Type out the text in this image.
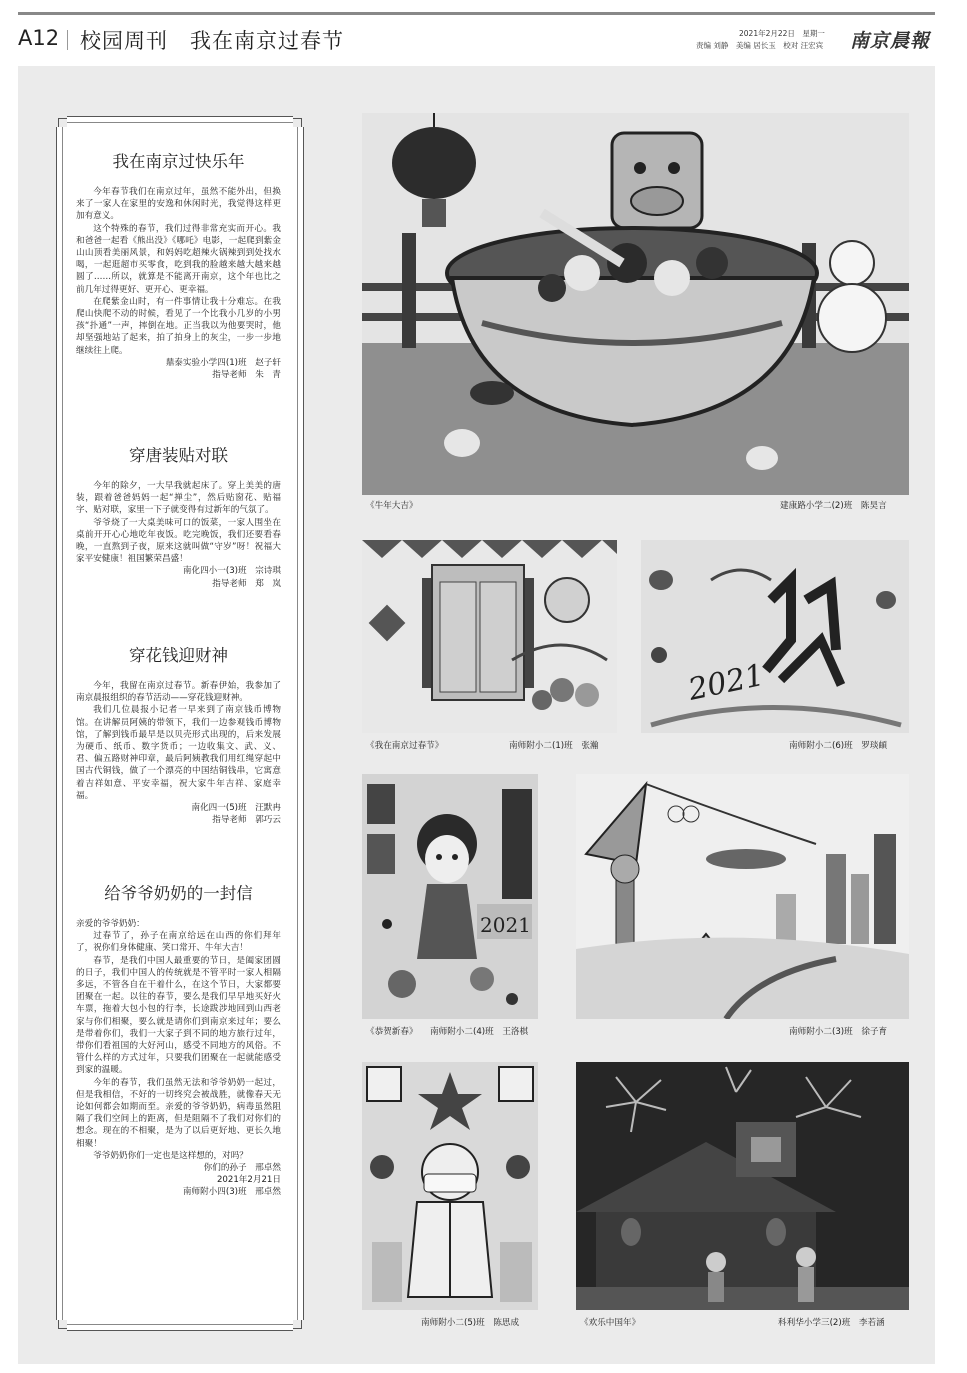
A12 校园周刊　 我在南京过春节	2021年2月22日　星期一
责编 刘静　美编 居长玉　校对 汪宏宾 南京晨報
我在南京过快乐年

今年春节我们在南京过年，虽然不能外出，但换来了一家人在家里的安逸和休闲时光，我觉得这样更加有意义。

这个特殊的春节，我们过得非常充实而开心。我和爸爸一起看《熊出没》《哪吒》电影，一起爬到紫金山山顶看美丽风景，和妈妈吃超辣火锅辣到到处找水喝，一起逛超市买零食，吃到我的脸越来越大越来越圆了……所以，就算是不能离开南京，这个年也比之前几年过得更好、更开心、更幸福。

在爬紫金山时，有一件事情让我十分难忘。在我爬山快爬不动的时候，看见了一个比我小几岁的小男孩“扑通”一声，摔倒在地。正当我以为他要哭时，他却坚强地站了起来，拍了拍身上的灰尘，一步一步地继续往上爬。

鼎泰实验小学四(1)班　赵子轩

指导老师　朱　青

穿唐装贴对联

今年的除夕，一大早我就起床了。穿上美美的唐装，跟着爸爸妈妈一起“掸尘”，然后贴窗花、贴福字、贴对联，家里一下子就变得有过新年的气氛了。

爷爷烧了一大桌美味可口的饭菜，一家人围坐在桌前开开心心地吃年夜饭。吃完晚饭，我们还要看春晚，一直熬到子夜，原来这就叫做“守岁”呀！祝福大家平安健康！祖国繁荣昌盛！

南化四小一(3)班　宗诗琪

指导老师　郑　岚

穿花钱迎财神

今年，我留在南京过春节。新春伊始，我参加了南京晨报组织的春节活动——穿花钱迎财神。

我们几位晨报小记者一早来到了南京钱币博物馆。在讲解员阿姨的带领下，我们一边参观钱币博物馆，了解到钱币最早是以贝壳形式出现的，后来发展为硬币、纸币、数字货币；一边收集文、武、义、君、偏五路财神印章，最后阿姨教我们用红绳穿起中国古代铜钱，做了一个漂亮的中国结铜钱串，它寓意着吉祥如意、平安幸福，祝大家牛年吉祥、家庭幸福。

南化四一(5)班　汪默冉

指导老师　郭巧云

给爷爷奶奶的一封信

亲爱的爷爷奶奶：

过春节了，孙子在南京给远在山西的你们拜年了，祝你们身体健康、笑口常开、牛年大吉！

春节，是我们中国人最重要的节日，是阖家团圆的日子，我们中国人的传统就是不管平时一家人相隔多远，不管各自在干着什么，在这个节日，大家都要团聚在一起。以往的春节，要么是我们早早地买好火车票，拖着大包小包的行李，长途跋涉地回到山西老家与你们相聚，要么就是请你们到南京来过年；要么是带着你们，我们一大家子到不同的地方旅行过年，带你们看祖国的大好河山，感受不同地方的风俗。不管什么样的方式过年，只要我们团聚在一起就能感受到家的温暖。

今年的春节，我们虽然无法和爷爷奶奶一起过，但是我相信，不好的一切终究会被战胜，就像春天无论如何都会如期而至。亲爱的爷爷奶奶，病毒虽然阻隔了我们空间上的距离，但是阻隔不了我们对你们的想念。现在的不相聚，是为了以后更好地、更长久地相聚！

爷爷奶奶你们一定也是这样想的，对吗？

你们的孙子　邢卓然

2021年2月21日

南师附小四(3)班　邢卓然

《牛年大吉》	建康路小学二(2)班　陈昊言
《我在南京过春节》	南师附小二(1)班　张瀚
2021
南师附小二(6)班　罗琰頔
2021
《恭贺新春》 南师附小二(4)班　王洛棋	南师附小二(3)班　徐子育
南师附小二(5)班　陈思成	《欢乐中国年》	科利华小学三(2)班　李若涵
